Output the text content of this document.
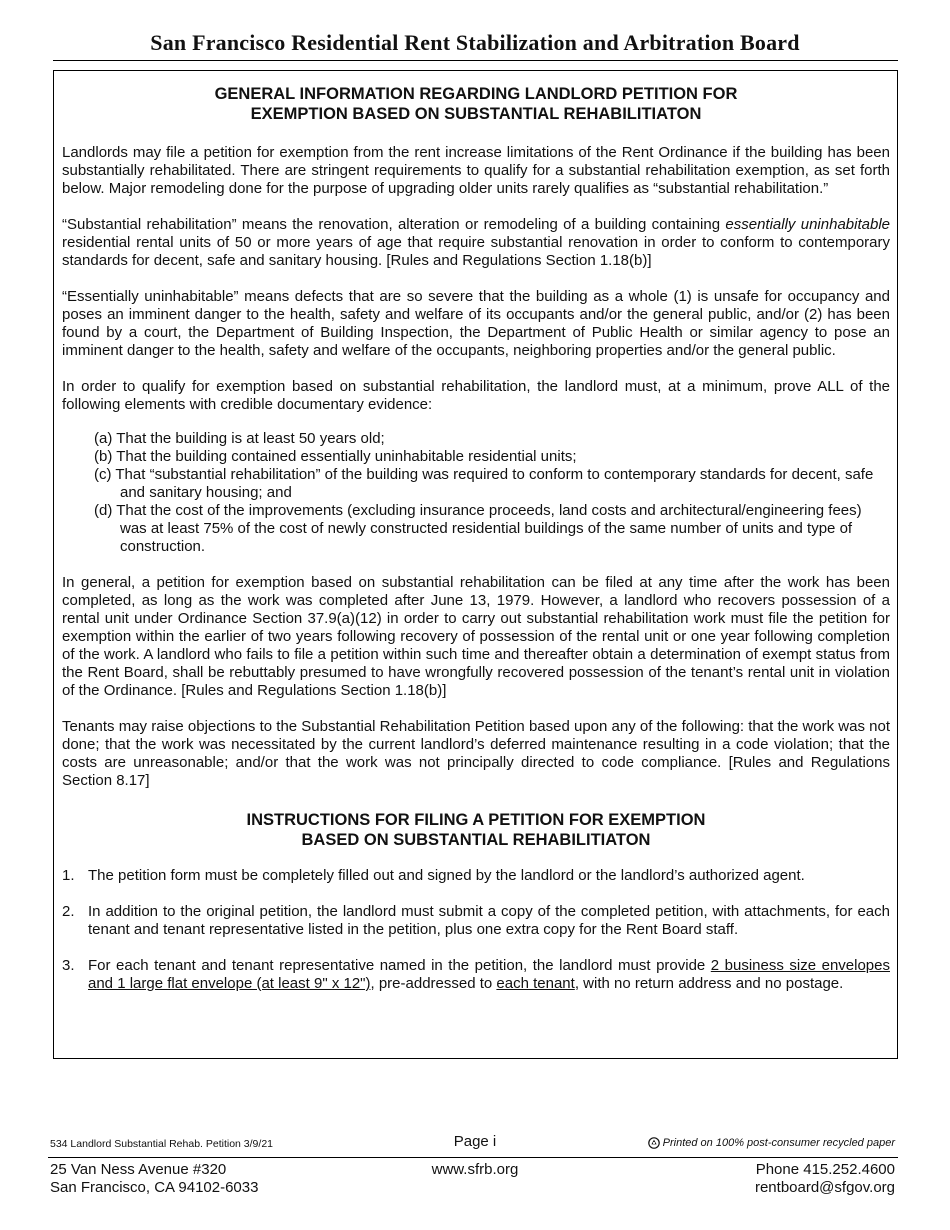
San Francisco Residential Rent Stabilization and Arbitration Board
GENERAL INFORMATION REGARDING LANDLORD PETITION FOR
EXEMPTION BASED ON SUBSTANTIAL REHABILITIATON

Landlords may file a petition for exemption from the rent increase limitations of the Rent Ordinance if the building has been substantially rehabilitated. There are stringent requirements to qualify for a substantial rehabilitation exemption, as set forth below. Major remodeling done for the purpose of upgrading older units rarely qualifies as “substantial rehabilitation.”

“Substantial rehabilitation” means the renovation, alteration or remodeling of a building containing essentially uninhabitable residential rental units of 50 or more years of age that require substantial renovation in order to conform to contemporary standards for decent, safe and sanitary housing. [Rules and Regulations Section 1.18(b)]

“Essentially uninhabitable” means defects that are so severe that the building as a whole (1) is unsafe for occupancy and poses an imminent danger to the health, safety and welfare of its occupants and/or the general public, and/or (2) has been found by a court, the Department of Building Inspection, the Department of Public Health or similar agency to pose an imminent danger to the health, safety and welfare of the occupants, neighboring properties and/or the general public.

In order to qualify for exemption based on substantial rehabilitation, the landlord must, at a minimum, prove ALL of the following elements with credible documentary evidence:

(a) That the building is at least 50 years old;
(b) That the building contained essentially uninhabitable residential units;
(c) That “substantial rehabilitation” of the building was required to conform to contemporary standards for decent, safe and sanitary housing; and
(d) That the cost of the improvements (excluding insurance proceeds, land costs and architectural/engineering fees) was at least 75% of the cost of newly constructed residential buildings of the same number of units and type of construction.

In general, a petition for exemption based on substantial rehabilitation can be filed at any time after the work has been completed, as long as the work was completed after June 13, 1979. However, a landlord who recovers possession of a rental unit under Ordinance Section 37.9(a)(12) in order to carry out substantial rehabilitation work must file the petition for exemption within the earlier of two years following recovery of possession of the rental unit or one year following completion of the work. A landlord who fails to file a petition within such time and thereafter obtain a determination of exempt status from the Rent Board, shall be rebuttably presumed to have wrongfully recovered possession of the tenant’s rental unit in violation of the Ordinance. [Rules and Regulations Section 1.18(b)]

Tenants may raise objections to the Substantial Rehabilitation Petition based upon any of the following: that the work was not done; that the work was necessitated by the current landlord’s deferred maintenance resulting in a code violation; that the costs are unreasonable; and/or that the work was not principally directed to code compliance. [Rules and Regulations Section 8.17]

INSTRUCTIONS FOR FILING A PETITION FOR EXEMPTION
BASED ON SUBSTANTIAL REHABILITIATON
1. The petition form must be completely filled out and signed by the landlord or the landlord’s authorized agent.
2. In addition to the original petition, the landlord must submit a copy of the completed petition, with attachments, for each tenant and tenant representative listed in the petition, plus one extra copy for the Rent Board staff.
3. For each tenant and tenant representative named in the petition, the landlord must provide 2 business size envelopes and 1 large flat envelope (at least 9" x 12"), pre-addressed to each tenant, with no return address and no postage.
534 Landlord Substantial Rehab. Petition 3/9/21	Page i	Printed on 100% post-consumer recycled paper
25 Van Ness Avenue #320
San Francisco, CA 94102-6033
www.sfrb.org	Phone 415.252.4600
rentboard@sfgov.org
